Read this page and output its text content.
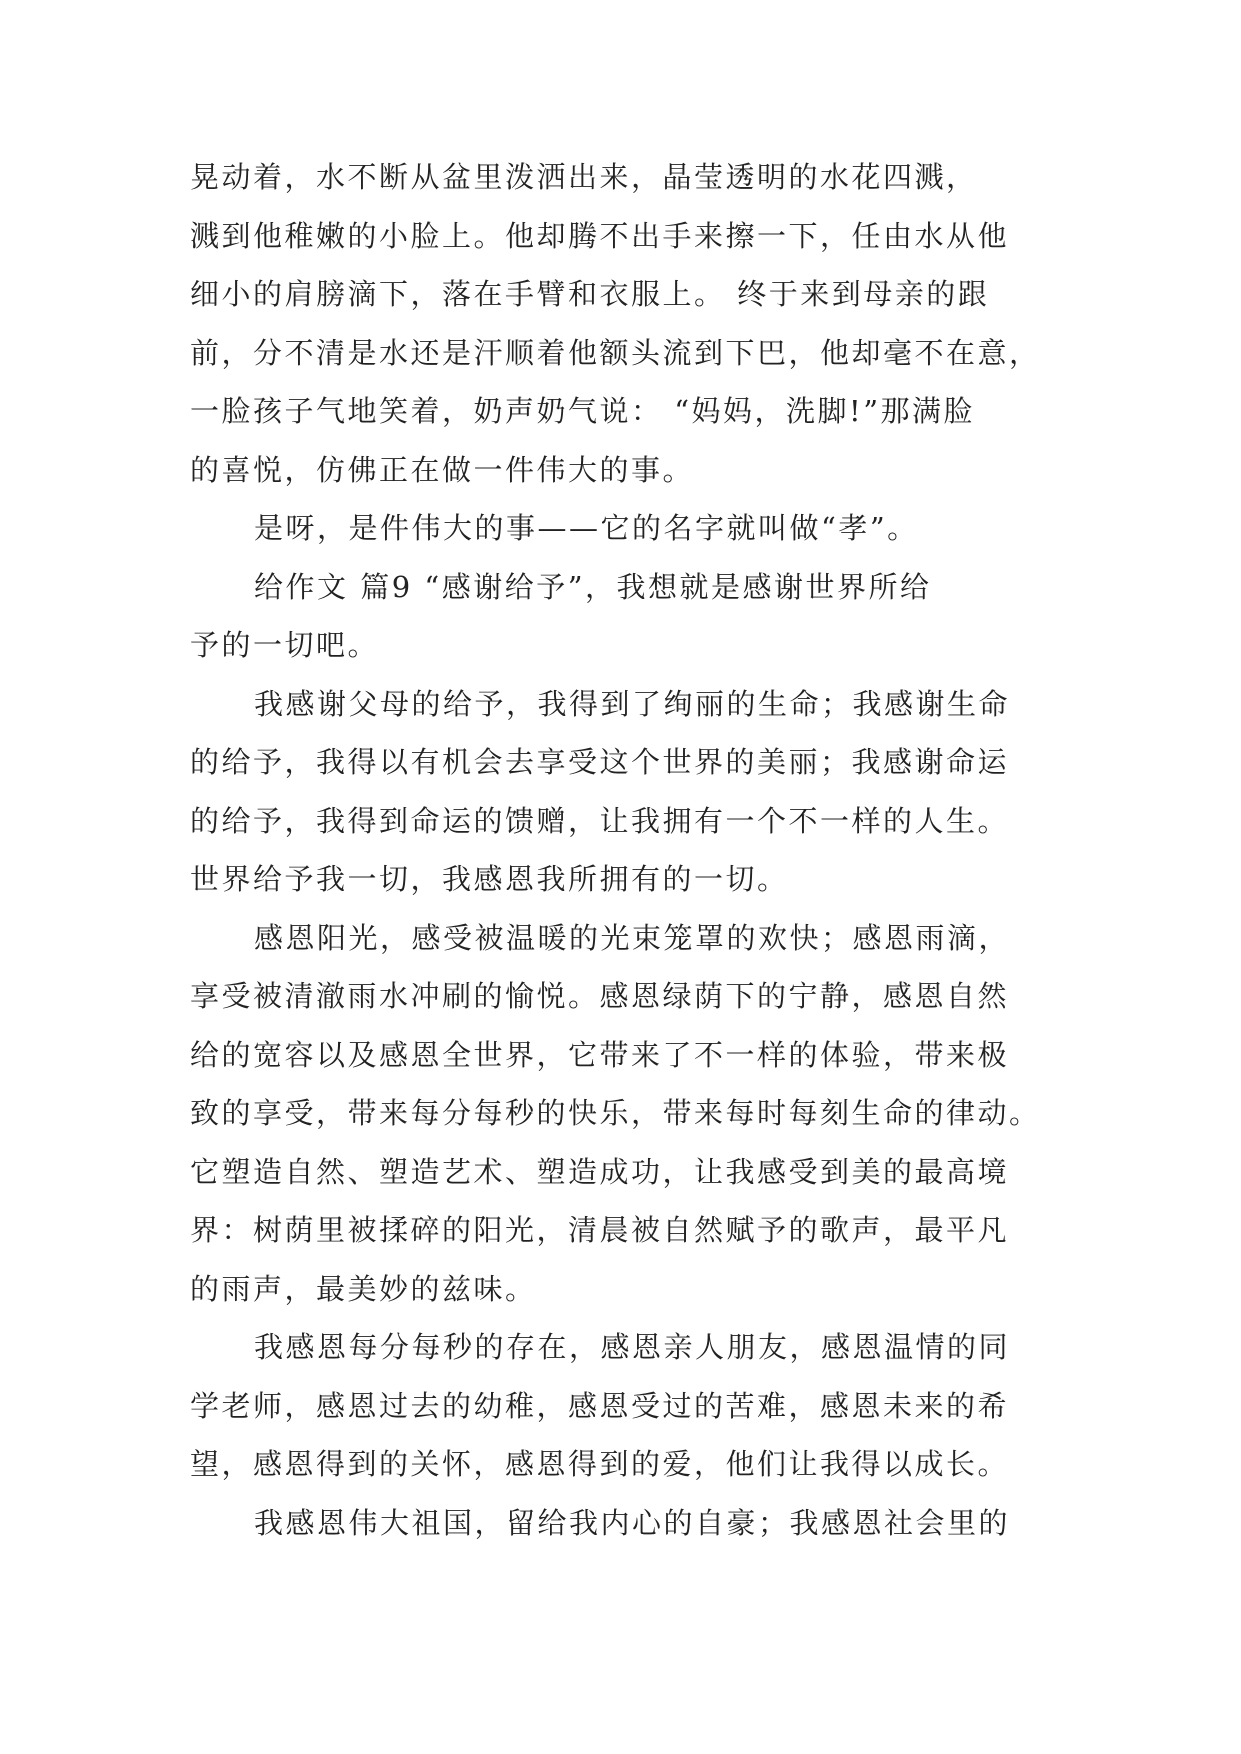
晃动着，水不断从盆里泼洒出来，晶莹透明的水花四溅，
溅到他稚嫩的小脸上。他却腾不出手来擦一下，任由水从他
细小的肩膀滴下，落在手臂和衣服上。 终于来到母亲的跟
前，分不清是水还是汗顺着他额头流到下巴，他却毫不在意，
一脸孩子气地笑着，奶声奶气说： “妈妈，洗脚!”那满脸
的喜悦，仿佛正在做一件伟大的事。
是呀，是件伟大的事——它的名字就叫做“孝”。
给作文 篇9 “感谢给予”，我想就是感谢世界所给
予的一切吧。
我感谢父母的给予，我得到了绚丽的生命；我感谢生命
的给予，我得以有机会去享受这个世界的美丽；我感谢命运
的给予，我得到命运的馈赠，让我拥有一个不一样的人生。
世界给予我一切，我感恩我所拥有的一切。
感恩阳光，感受被温暖的光束笼罩的欢快；感恩雨滴，
享受被清澈雨水冲刷的愉悦。感恩绿荫下的宁静，感恩自然
给的宽容以及感恩全世界，它带来了不一样的体验，带来极
致的享受，带来每分每秒的快乐，带来每时每刻生命的律动。
它塑造自然、塑造艺术、塑造成功，让我感受到美的最高境
界：树荫里被揉碎的阳光，清晨被自然赋予的歌声，最平凡
的雨声，最美妙的兹味。
我感恩每分每秒的存在，感恩亲人朋友，感恩温情的同
学老师，感恩过去的幼稚，感恩受过的苦难，感恩未来的希
望，感恩得到的关怀，感恩得到的爱，他们让我得以成长。
我感恩伟大祖国，留给我内心的自豪；我感恩社会里的
